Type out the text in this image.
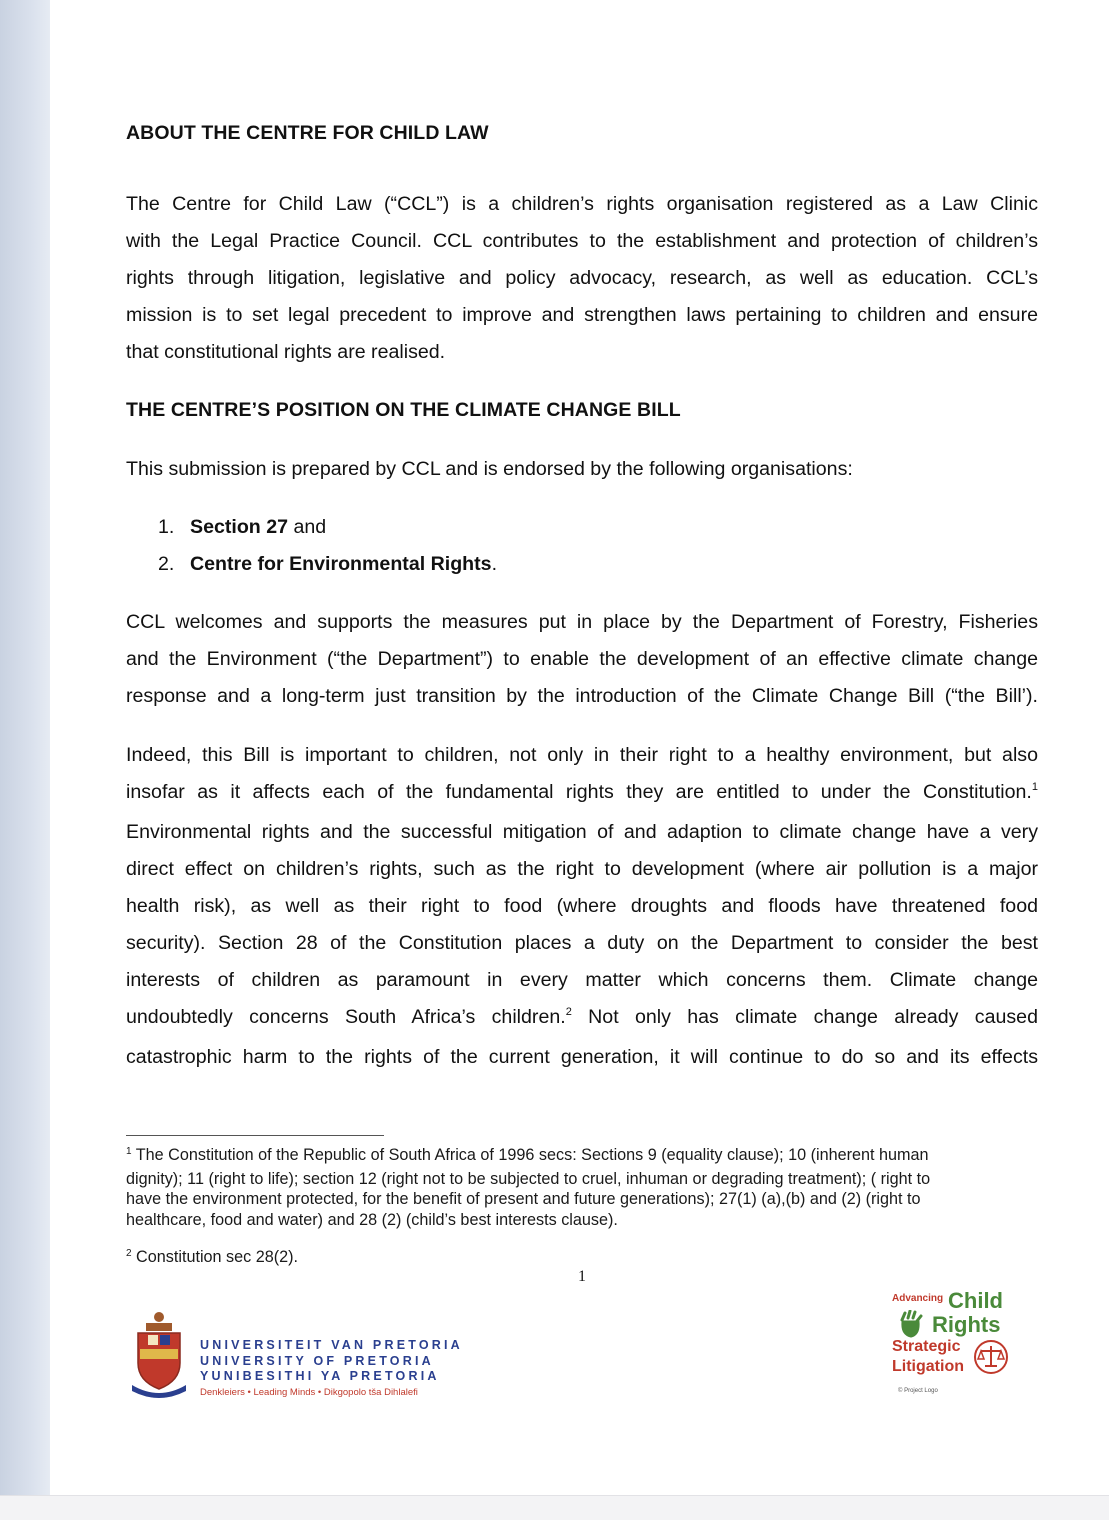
ABOUT THE CENTRE FOR CHILD LAW
The Centre for Child Law (“CCL”) is a children’s rights organisation registered as a Law Clinic
with the Legal Practice Council. CCL contributes to the establishment and protection of children’s
rights through litigation, legislative and policy advocacy, research, as well as education. CCL’s
mission is to set legal precedent to improve and strengthen laws pertaining to children and ensure
that constitutional rights are realised.
THE CENTRE’S POSITION ON THE CLIMATE CHANGE BILL
This submission is prepared by CCL and is endorsed by the following organisations:
1. Section 27 and
2. Centre for Environmental Rights.
CCL welcomes and supports the measures put in place by the Department of Forestry, Fisheries
and the Environment (“the Department”) to enable the development of an effective climate change
response and a long-term just transition by the introduction of the Climate Change Bill (“the Bill’).
Indeed, this Bill is important to children, not only in their right to a healthy environment, but also
insofar as it affects each of the fundamental rights they are entitled to under the Constitution.$^1$
Environmental rights and the successful mitigation of and adaption to climate change have a very
direct effect on children’s rights, such as the right to development (where air pollution is a major
health risk), as well as their right to food (where droughts and floods have threatened food
security). Section 28 of the Constitution places a duty on the Department to consider the best
interests of children as paramount in every matter which concerns them. Climate change
undoubtedly concerns South Africa’s children.$^2$ Not only has climate change already caused
catastrophic harm to the rights of the current generation, it will continue to do so and its effects
$^1$ The Constitution of the Republic of South Africa of 1996 secs: Sections 9 (equality clause); 10 (inherent human
dignity); 11 (right to life); section 12 (right not to be subjected to cruel, inhuman or degrading treatment); ( right to
have the environment protected, for the benefit of present and future generations); 27(1) (a),(b) and (2) (right to
healthcare, food and water) and 28 (2) (child’s best interests clause).
$^2$ Constitution sec 28(2).
1
UNIVERSITEIT VAN PRETORIA
UNIVERSITY OF PRETORIA
YUNIBESITHI YA PRETORIA
Denkleiers • Leading Minds • Dikgopolo tša Dihlalefi
Advancing Child
Rights
Strategic
Litigation
© Project Logo
